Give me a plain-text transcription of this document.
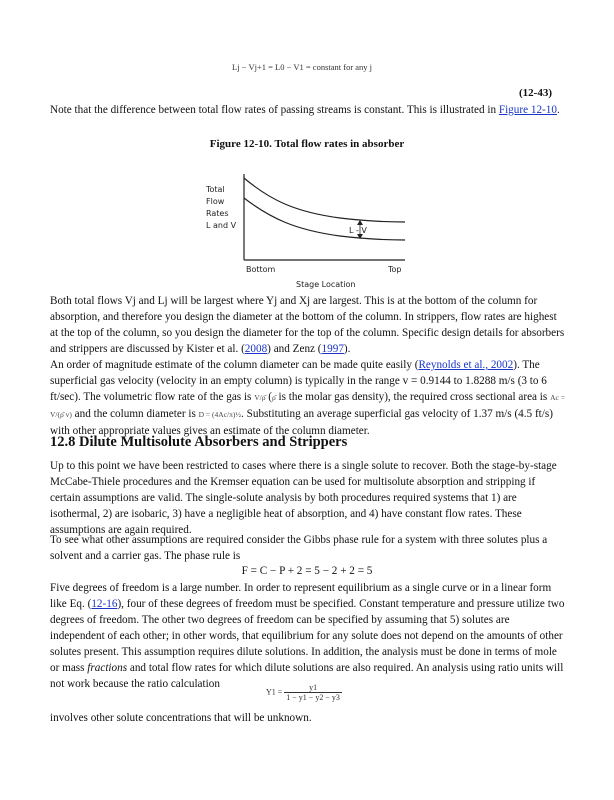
Lj − Vj+1 = L0 − V1 = constant for any j
(12-43)

Note that the difference between total flow rates of passing streams is constant. This is illustrated in Figure 12-10.

Figure 12-10. Total flow rates in absorber
Total
Flow
Rates
L and V
L - V
Bottom	Top
Stage Location

Both total flows Vj and Lj will be largest where Yj and Xj are largest. This is at the bottom of the column for absorption, and therefore you design the diameter at the bottom of the column. In strippers, flow rates are highest at the top of the column, so you design the diameter for the top of the column. Specific design details for absorbers and strippers are discussed by Kister et al. (2008) and Zenz (1997).

An order of magnitude estimate of the column diameter can be made quite easily (Reynolds et al., 2002). The superficial gas velocity (velocity in an empty column) is typically in the range v = 0.9144 to 1.8288 m/s (3 to 6 ft/sec). The volumetric flow rate of the gas is V/ρ̂ (ρ̂ is the molar gas density), the required cross sectional area is Ac = V/(ρ̂ v) and the column diameter is D = (4Ac/π)½. Substituting an average superficial gas velocity of 1.37 m/s (4.5 ft/s) with other appropriate values gives an estimate of the column diameter.

12.8 Dilute Multisolute Absorbers and Strippers

Up to this point we have been restricted to cases where there is a single solute to recover. Both the stage-by-stage McCabe-Thiele procedures and the Kremser equation can be used for multisolute absorption and stripping if certain assumptions are valid. The single-solute analysis by both procedures required systems that 1) are isothermal, 2) are isobaric, 3) have a negligible heat of absorption, and 4) have constant flow rates. These assumptions are again required.

To see what other assumptions are required consider the Gibbs phase rule for a system with three solutes plus a solvent and a carrier gas. The phase rule is

F = C − P + 2 = 5 − 2 + 2 = 5

Five degrees of freedom is a large number. In order to represent equilibrium as a single curve or in a linear form like Eq. (12-16), four of these degrees of freedom must be specified. Constant temperature and pressure utilize two degrees of freedom. The other two degrees of freedom can be specified by assuming that 5) solutes are independent of each other; in other words, that equilibrium for any solute does not depend on the amounts of other solutes present. This assumption requires dilute solutions. In addition, the analysis must be done in terms of mole or mass fractions and total flow rates for which dilute solutions are also required. An analysis using ratio units will not work because the ratio calculation

$Y1 = \frac{y1}{1 - y1 - y2 - y3}$

involves other solute concentrations that will be unknown.
